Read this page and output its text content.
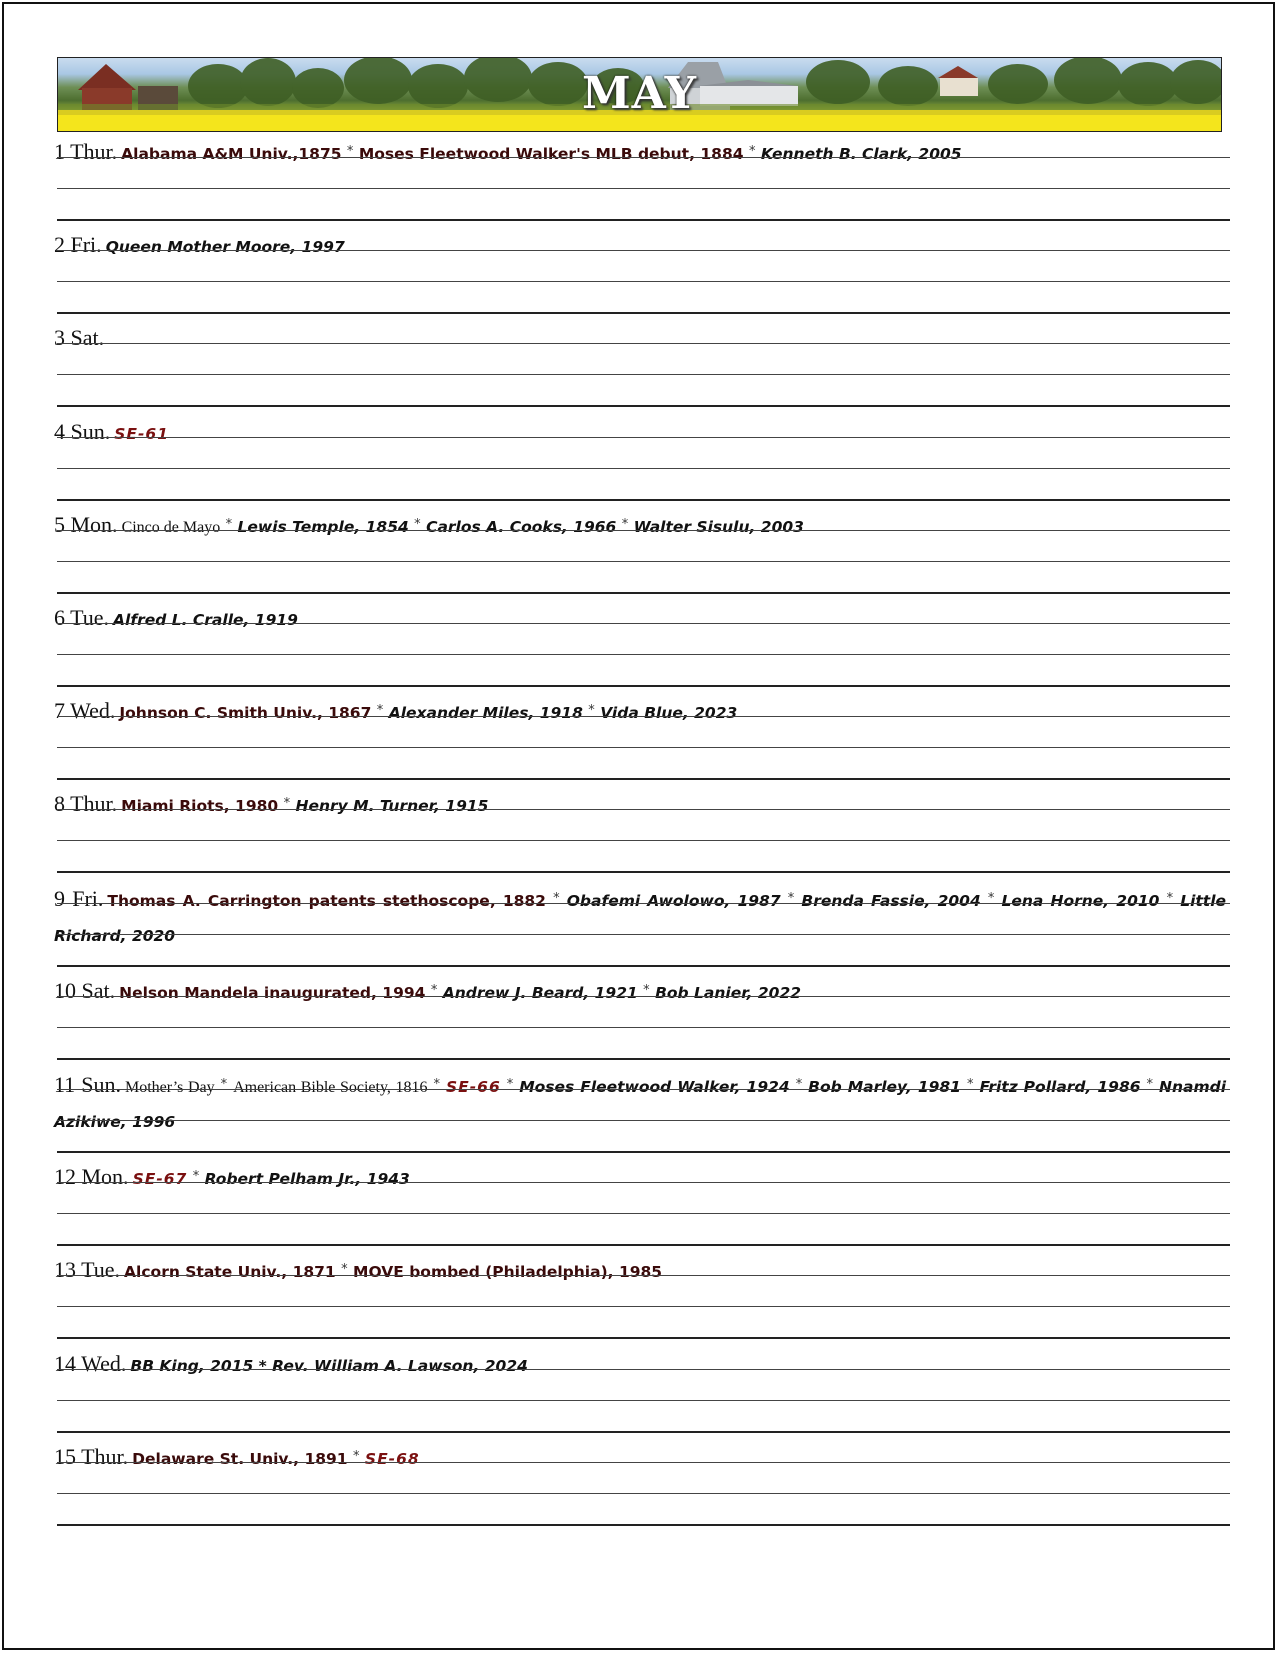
MAY
1 Thur. Alabama A&M Univ.,1875 * Moses Fleetwood Walker's MLB debut, 1884 * Kenneth B. Clark, 2005
2 Fri. Queen Mother Moore, 1997
3 Sat.
4 Sun. SE-61
5 Mon. Cinco de Mayo * Lewis Temple, 1854 * Carlos A. Cooks, 1966 * Walter Sisulu, 2003
6 Tue. Alfred L. Cralle, 1919
7 Wed. Johnson C. Smith Univ., 1867 * Alexander Miles, 1918 * Vida Blue, 2023
8 Thur. Miami Riots, 1980 * Henry M. Turner, 1915
9 Fri. Thomas A. Carrington patents stethoscope, 1882 * Obafemi Awolowo, 1987 * Brenda Fassie, 2004 * Lena Horne, 2010 * Little Richard, 2020
10 Sat. Nelson Mandela inaugurated, 1994 * Andrew J. Beard, 1921 * Bob Lanier, 2022
11 Sun. Mother’s Day * American Bible Society, 1816 * SE-66 * Moses Fleetwood Walker, 1924 * Bob Marley, 1981 * Fritz Pollard, 1986 * Nnamdi Azikiwe, 1996
12 Mon. SE-67 * Robert Pelham Jr., 1943
13 Tue. Alcorn State Univ., 1871 * MOVE bombed (Philadelphia), 1985
14 Wed. BB King, 2015 * Rev. William A. Lawson, 2024
15 Thur. Delaware St. Univ., 1891 * SE-68
